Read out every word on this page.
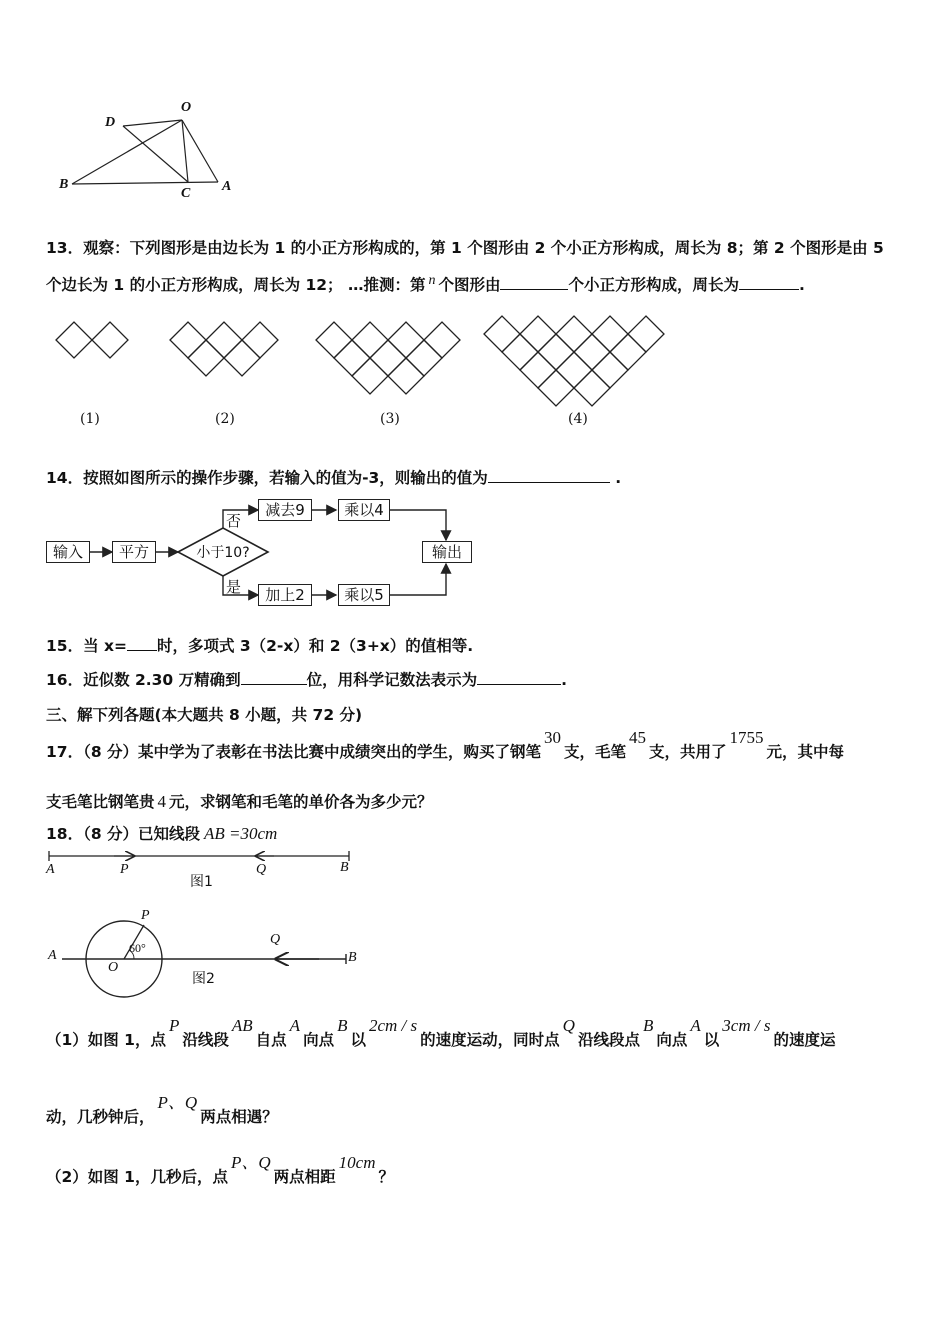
D
O
B
C A
13．观察：下列图形是由边长为 1 的小正方形构成的，第 1 个图形由 2 个小正方形构成，周长为 8；第 2 个图形是由 5
个边长为 1 的小正方形构成，周长为 12； …推测：第 n 个图形由	个小正方形构成，周长为	.
(1)	(2)	(3)	(4)
14．按照如图所示的操作步骤，若输入的值为-3，则输出的值为	.
输入	平方	小于10?
否
是
减去9	乘以4
加上2	乘以5
输出
15．当 x= 时，多项式 3（2-x）和 2（3+x）的值相等.
16．近似数 2.30 万精确到	位，用科学记数法表示为	.
三、解下列各题(本大题共 8 小题，共 72 分)
17．（8 分）某中学为了表彰在书法比赛中成绩突出的学生，购买了钢笔30支，毛笔45支，共用了1755元，其中每
支毛笔比钢笔贵 4 元，求钢笔和毛笔的单价各为多少元？
18．（8 分）已知线段 AB =30cm
A	P	Q	B
图1
A
O
P
60°
Q
B
图2
（1）如图 1，点P沿线段AB自点A向点B以2cm / s的速度运动，同时点Q沿线段点B向点A以3cm / s的速度运
动，几秒钟后，P、Q两点相遇？
（2）如图 1，几秒后，点P、Q两点相距10cm？
